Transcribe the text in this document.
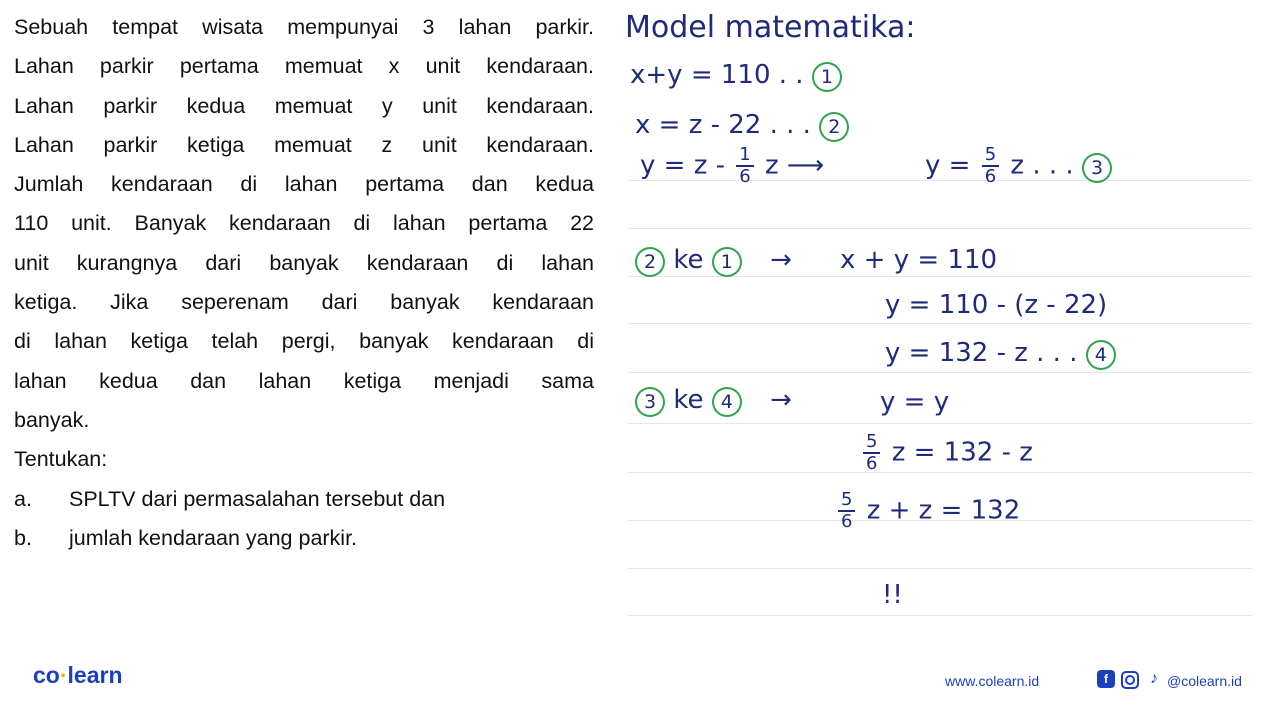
Sebuah tempat wisata mempunyai 3 lahan parkir.
Lahan parkir pertama memuat x unit kendaraan.
Lahan parkir kedua memuat y unit kendaraan.
Lahan parkir ketiga memuat z unit kendaraan.
Jumlah kendaraan di lahan pertama dan kedua
110 unit. Banyak kendaraan di lahan pertama 22
unit kurangnya dari banyak kendaraan di lahan
ketiga. Jika seperenam dari banyak kendaraan
di lahan ketiga telah pergi, banyak kendaraan di
lahan kedua dan lahan ketiga menjadi sama
banyak.
Tentukan:
a.	SPLTV dari permasalahan tersebut dan
b.	jumlah kendaraan yang parkir.
Model matematika:
x+y = 110 . . 1
x = z - 22 . . . 2
$y = z - \frac{1}{6}$ z ⟶	$y = \frac{5}{6}$ z . . . 3
2 ke 1 →	x + y = 110
y = 110 - (z - 22)
y = 132 - z . . . 4
3 ke 4 →	y = y
$\frac{5}{6}$ z = 132 - z
$\frac{5}{6}$ z + z = 132
!!
co·learn	www.colearn.id	f	♪ @colearn.id
